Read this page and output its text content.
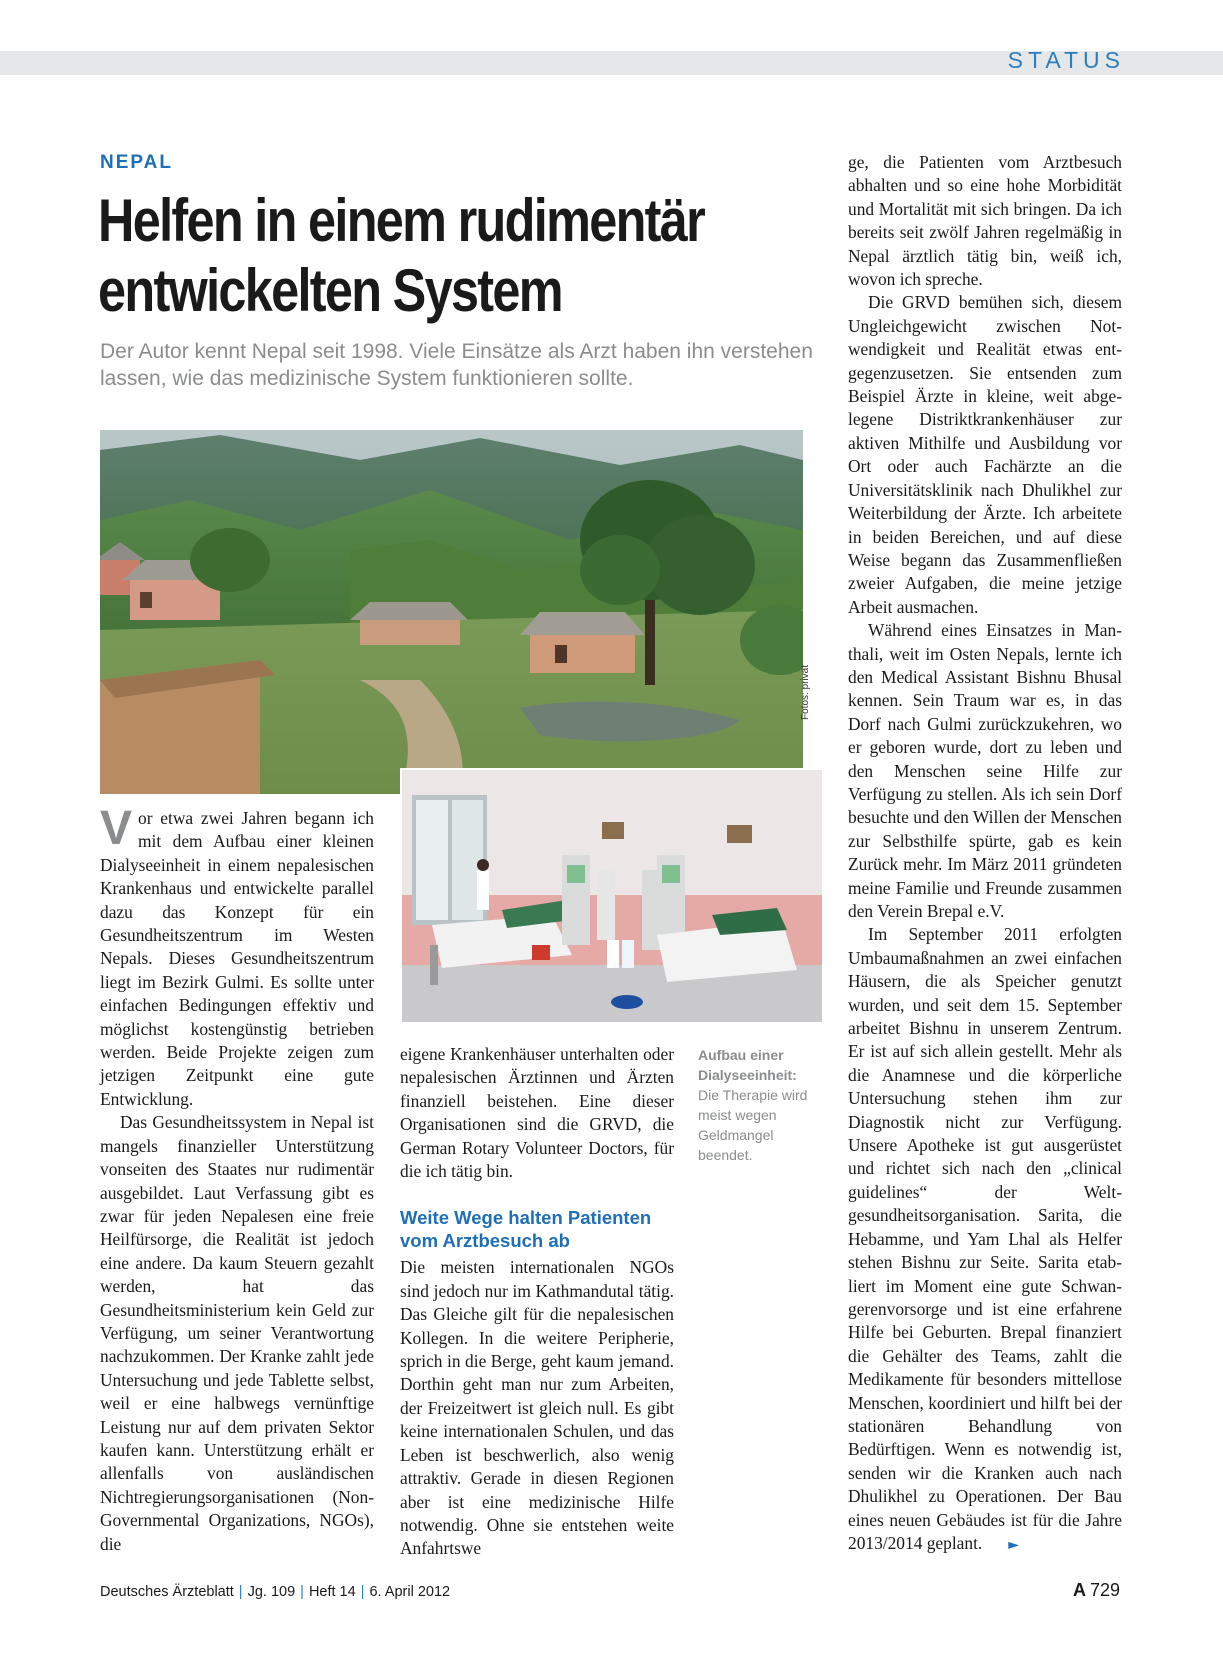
STATUS
NEPAL
Helfen in einem rudimentär
entwickelten System
Der Autor kennt Nepal seit 1998. Viele Einsätze als Arzt haben ihn verstehen lassen, wie das medizinische System funktionieren sollte.
Fotos: privat

Vor etwa zwei Jahren begann ich mit dem Aufbau einer kleinen Dialyseeinheit in einem nepalesischen Krankenhaus und entwickelte parallel dazu das Konzept für ein Gesundheitszentrum im Westen Nepals. Dieses Gesundheitszentrum liegt im Bezirk Gulmi. Es sollte unter einfachen Bedingungen effektiv und möglichst kostengünstig betrieben werden. Beide Projekte zeigen zum jetzigen Zeitpunkt eine gute Entwicklung.

Das Gesundheitssystem in Nepal ist mangels finanzieller Unterstützung vonseiten des Staates nur rudimentär ausgebildet. Laut Verfassung gibt es zwar für jeden Nepalesen eine freie Heilfürsorge, die Realität ist jedoch eine andere. Da kaum Steuern gezahlt werden, hat das Gesundheitsministerium kein Geld zur Verfügung, um seiner Verantwortung nachzukommen. Der Kranke zahlt jede Untersuchung und jede Tablette selbst, weil er eine halbwegs vernünftige Leistung nur auf dem privaten Sektor kaufen kann. Unterstützung erhält er allenfalls von ausländischen Nichtregierungsorganisationen (Non-Governmental Organizations, NGOs), die

eigene Krankenhäuser unterhalten oder nepalesischen Ärztinnen und Ärzten finanziell beistehen. Eine dieser Organisationen sind die GRVD, die German Rotary Volunteer Doctors, für die ich tätig bin.

Weite Wege halten Patienten vom Arztbesuch ab

Die meisten internationalen NGOs sind jedoch nur im Kathmandutal tätig. Das Gleiche gilt für die nepalesischen Kollegen. In die weitere Peripherie, sprich in die Berge, geht kaum jemand. Dorthin geht man nur zum Arbeiten, der Freizeitwert ist gleich null. Es gibt keine internationalen Schulen, und das Leben ist beschwerlich, also wenig attraktiv. Gerade in diesen Regionen aber ist eine medizinische Hilfe notwendig. Ohne sie entstehen weite Anfahrtswe

Aufbau einer Dialyseeinheit:
Die Therapie wird meist wegen Geldmangel beendet.

ge, die Patienten vom Arztbesuch abhalten und so eine hohe Morbidität und Mortalität mit sich bringen. Da ich bereits seit zwölf Jahren regelmäßig in Nepal ärztlich tätig bin, weiß ich, wovon ich spreche.

Die GRVD bemühen sich, diesem Ungleichgewicht zwischen Notwendigkeit und Realität etwas entgegenzusetzen. Sie entsenden zum Beispiel Ärzte in kleine, weit abgelegene Distriktkrankenhäuser zur aktiven Mithilfe und Ausbildung vor Ort oder auch Fachärzte an die Universitätsklinik nach Dhulikhel zur Weiterbildung der Ärzte. Ich arbeitete in beiden Bereichen, und auf diese Weise begann das Zusammenfließen zweier Aufgaben, die meine jetzige Arbeit ausmachen.

Während eines Einsatzes in Manthali, weit im Osten Nepals, lernte ich den Medical Assistant Bishnu Bhusal kennen. Sein Traum war es, in das Dorf nach Gulmi zurückzukehren, wo er geboren wurde, dort zu leben und den Menschen seine Hilfe zur Verfügung zu stellen. Als ich sein Dorf besuchte und den Willen der Menschen zur Selbsthilfe spürte, gab es kein Zurück mehr. Im März 2011 gründeten meine Familie und Freunde zusammen den Verein Brepal e.V.

Im September 2011 erfolgten Umbaumaßnahmen an zwei einfachen Häusern, die als Speicher genutzt wurden, und seit dem 15. September arbeitet Bishnu in unserem Zentrum. Er ist auf sich allein gestellt. Mehr als die Anamnese und die körperliche Untersuchung stehen ihm zur Diagnostik nicht zur Verfügung. Unsere Apotheke ist gut ausgerüstet und richtet sich nach den „clinical guidelines“ der Weltgesundheitsorganisation. Sarita, die Hebamme, und Yam Lhal als Helfer stehen Bishnu zur Seite. Sarita etabliert im Moment eine gute Schwangerenvorsorge und ist eine erfahrene Hilfe bei Geburten. Brepal finanziert die Gehälter des Teams, zahlt die Medikamente für besonders mittellose Menschen, koordiniert und hilft bei der stationären Behandlung von Bedürftigen. Wenn es notwendig ist, senden wir die Kranken auch nach Dhulikhel zu Operationen. Der Bau eines neuen Gebäudes ist für die Jahre 2013/2014 geplant. ►

Deutsches Ärzteblatt | Jg. 109 | Heft 14 | 6. April 2012	A 729
